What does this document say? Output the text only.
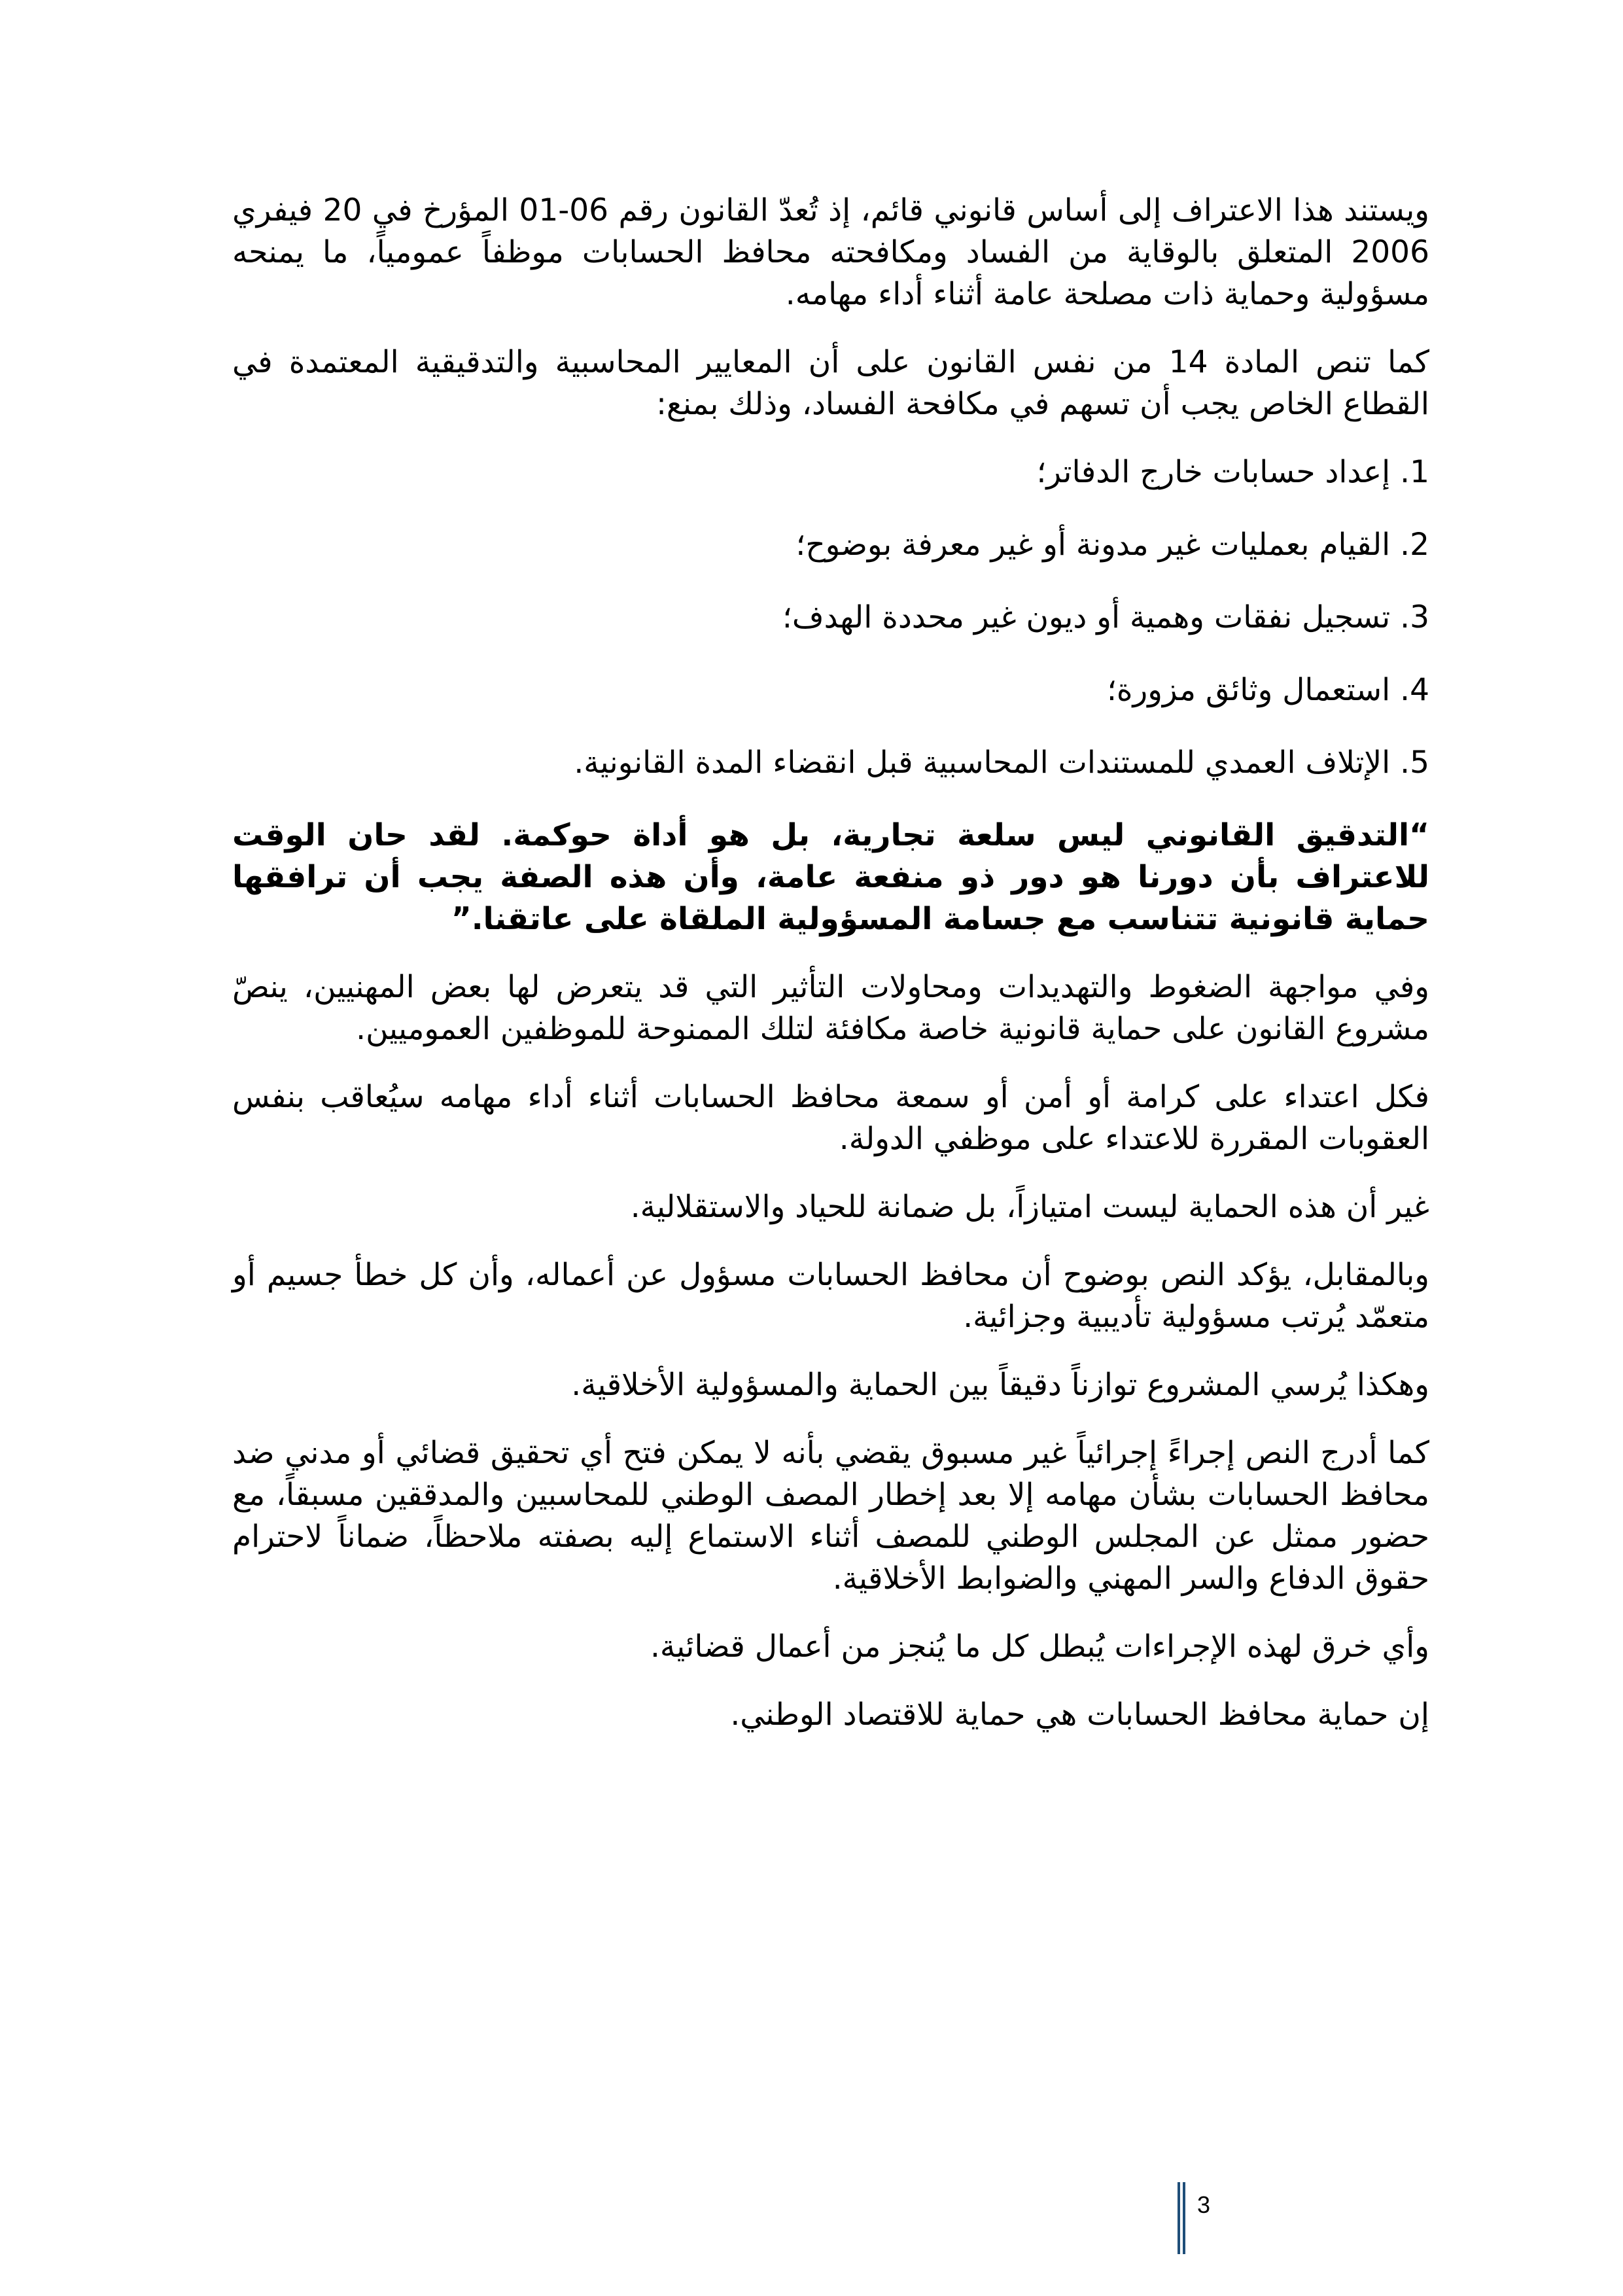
ويستند هذا الاعتراف إلى أساس قانوني قائم، إذ تُعدّ القانون رقم 06-01 المؤرخ في 20 فيفري 2006 المتعلق بالوقاية من الفساد ومكافحته محافظ الحسابات موظفاً عمومياً، ما يمنحه مسؤولية وحماية ذات مصلحة عامة أثناء أداء مهامه.

كما تنص المادة 14 من نفس القانون على أن المعايير المحاسبية والتدقيقية المعتمدة في القطاع الخاص يجب أن تسهم في مكافحة الفساد، وذلك بمنع:

1. إعداد حسابات خارج الدفاتر؛
2. القيام بعمليات غير مدونة أو غير معرفة بوضوح؛
3. تسجيل نفقات وهمية أو ديون غير محددة الهدف؛
4. استعمال وثائق مزورة؛
5. الإتلاف العمدي للمستندات المحاسبية قبل انقضاء المدة القانونية.

“التدقيق القانوني ليس سلعة تجارية، بل هو أداة حوكمة. لقد حان الوقت للاعتراف بأن دورنا هو دور ذو منفعة عامة، وأن هذه الصفة يجب أن ترافقها حماية قانونية تتناسب مع جسامة المسؤولية الملقاة على عاتقنا.”

وفي مواجهة الضغوط والتهديدات ومحاولات التأثير التي قد يتعرض لها بعض المهنيين، ينصّ مشروع القانون على حماية قانونية خاصة مكافئة لتلك الممنوحة للموظفين العموميين.

فكل اعتداء على كرامة أو أمن أو سمعة محافظ الحسابات أثناء أداء مهامه سيُعاقب بنفس العقوبات المقررة للاعتداء على موظفي الدولة.

غير أن هذه الحماية ليست امتيازاً، بل ضمانة للحياد والاستقلالية.

وبالمقابل، يؤكد النص بوضوح أن محافظ الحسابات مسؤول عن أعماله، وأن كل خطأ جسيم أو متعمّد يُرتب مسؤولية تأديبية وجزائية.

وهكذا يُرسي المشروع توازناً دقيقاً بين الحماية والمسؤولية الأخلاقية.

كما أدرج النص إجراءً إجرائياً غير مسبوق يقضي بأنه لا يمكن فتح أي تحقيق قضائي أو مدني ضد محافظ الحسابات بشأن مهامه إلا بعد إخطار المصف الوطني للمحاسبين والمدققين مسبقاً، مع حضور ممثل عن المجلس الوطني للمصف أثناء الاستماع إليه بصفته ملاحظاً، ضماناً لاحترام حقوق الدفاع والسر المهني والضوابط الأخلاقية.

وأي خرق لهذه الإجراءات يُبطل كل ما يُنجز من أعمال قضائية.

إن حماية محافظ الحسابات هي حماية للاقتصاد الوطني.

3
